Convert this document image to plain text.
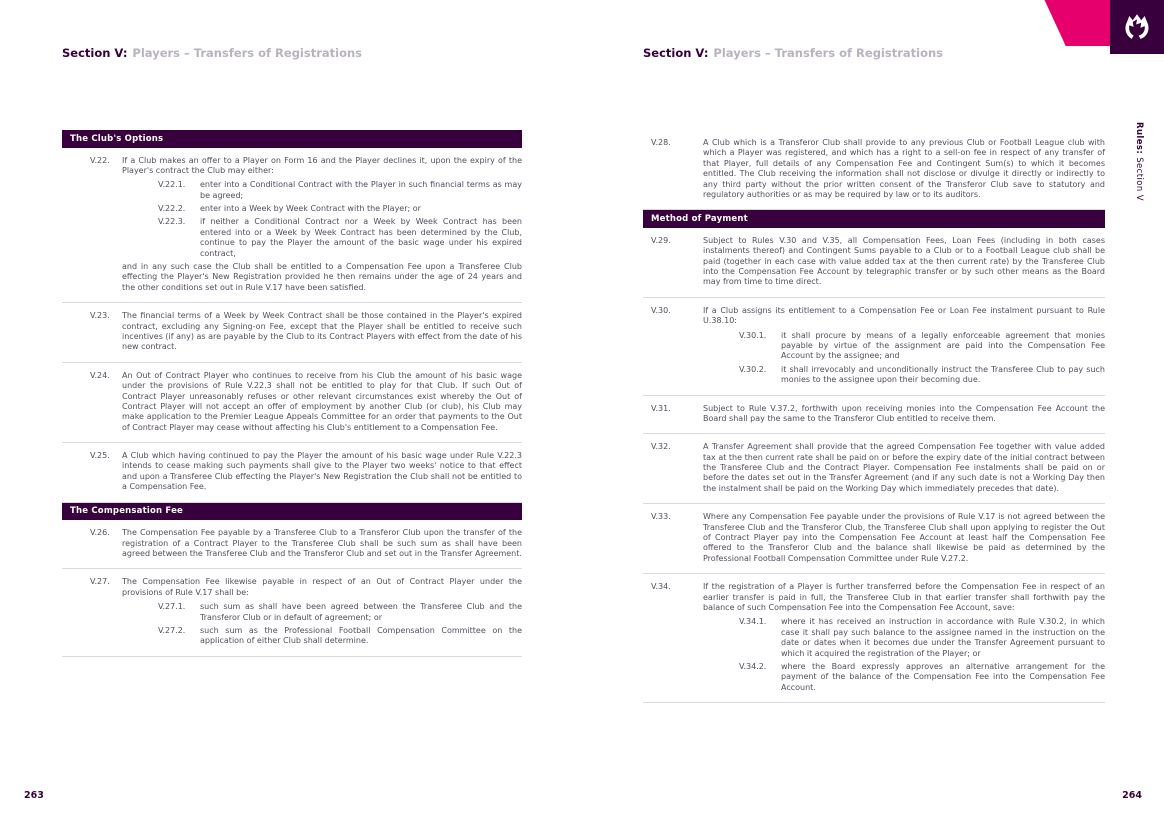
Rules: Section V
Section V: Players – Transfers of Registrations
The Club's Options
V.22.	If a Club makes an offer to a Player on Form 16 and the Player declines it, upon the expiry of the Player's contract the Club may either:
V.22.1.	enter into a Conditional Contract with the Player in such financial terms as may be agreed;
V.22.2.	enter into a Week by Week Contract with the Player; or
V.22.3.	if neither a Conditional Contract nor a Week by Week Contract has been entered into or a Week by Week Contract has been determined by the Club, continue to pay the Player the amount of the basic wage under his expired contract,
and in any such case the Club shall be entitled to a Compensation Fee upon a Transferee Club effecting the Player's New Registration provided he then remains under the age of 24 years and the other conditions set out in Rule V.17 have been satisfied.
V.23.	The financial terms of a Week by Week Contract shall be those contained in the Player's expired contract, excluding any Signing-on Fee, except that the Player shall be entitled to receive such incentives (if any) as are payable by the Club to its Contract Players with effect from the date of his new contract.
V.24.	An Out of Contract Player who continues to receive from his Club the amount of his basic wage under the provisions of Rule V.22.3 shall not be entitled to play for that Club. If such Out of Contract Player unreasonably refuses or other relevant circumstances exist whereby the Out of Contract Player will not accept an offer of employment by another Club (or club), his Club may make application to the Premier League Appeals Committee for an order that payments to the Out of Contract Player may cease without affecting his Club's entitlement to a Compensation Fee.
V.25.	A Club which having continued to pay the Player the amount of his basic wage under Rule V.22.3 intends to cease making such payments shall give to the Player two weeks' notice to that effect and upon a Transferee Club effecting the Player's New Registration the Club shall not be entitled to a Compensation Fee.
The Compensation Fee
V.26.	The Compensation Fee payable by a Transferee Club to a Transferor Club upon the transfer of the registration of a Contract Player to the Transferee Club shall be such sum as shall have been agreed between the Transferee Club and the Transferor Club and set out in the Transfer Agreement.
V.27.	The Compensation Fee likewise payable in respect of an Out of Contract Player under the provisions of Rule V.17 shall be:
V.27.1.	such sum as shall have been agreed between the Transferee Club and the Transferor Club or in default of agreement; or
V.27.2.	such sum as the Professional Football Compensation Committee on the application of either Club shall determine.
Section V: Players – Transfers of Registrations
V.28.	A Club which is a Transferor Club shall provide to any previous Club or Football League club with which a Player was registered, and which has a right to a sell-on fee in respect of any transfer of that Player, full details of any Compensation Fee and Contingent Sum(s) to which it becomes entitled. The Club receiving the information shall not disclose or divulge it directly or indirectly to any third party without the prior written consent of the Transferor Club save to statutory and regulatory authorities or as may be required by law or to its auditors.
Method of Payment
V.29.	Subject to Rules V.30 and V.35, all Compensation Fees, Loan Fees (including in both cases instalments thereof) and Contingent Sums payable to a Club or to a Football League club shall be paid (together in each case with value added tax at the then current rate) by the Transferee Club into the Compensation Fee Account by telegraphic transfer or by such other means as the Board may from time to time direct.
V.30.	If a Club assigns its entitlement to a Compensation Fee or Loan Fee instalment pursuant to Rule U.38.10:
V.30.1.	it shall procure by means of a legally enforceable agreement that monies payable by virtue of the assignment are paid into the Compensation Fee Account by the assignee; and
V.30.2.	it shall irrevocably and unconditionally instruct the Transferee Club to pay such monies to the assignee upon their becoming due.
V.31.	Subject to Rule V.37.2, forthwith upon receiving monies into the Compensation Fee Account the Board shall pay the same to the Transferor Club entitled to receive them.
V.32.	A Transfer Agreement shall provide that the agreed Compensation Fee together with value added tax at the then current rate shall be paid on or before the expiry date of the initial contract between the Transferee Club and the Contract Player. Compensation Fee instalments shall be paid on or before the dates set out in the Transfer Agreement (and if any such date is not a Working Day then the instalment shall be paid on the Working Day which immediately precedes that date).
V.33.	Where any Compensation Fee payable under the provisions of Rule V.17 is not agreed between the Transferee Club and the Transferor Club, the Transferee Club shall upon applying to register the Out of Contract Player pay into the Compensation Fee Account at least half the Compensation Fee offered to the Transferor Club and the balance shall likewise be paid as determined by the Professional Football Compensation Committee under Rule V.27.2.
V.34.	If the registration of a Player is further transferred before the Compensation Fee in respect of an earlier transfer is paid in full, the Transferee Club in that earlier transfer shall forthwith pay the balance of such Compensation Fee into the Compensation Fee Account, save:
V.34.1.	where it has received an instruction in accordance with Rule V.30.2, in which case it shall pay such balance to the assignee named in the instruction on the date or dates when it becomes due under the Transfer Agreement pursuant to which it acquired the registration of the Player; or
V.34.2.	where the Board expressly approves an alternative arrangement for the payment of the balance of the Compensation Fee into the Compensation Fee Account.
263	264
